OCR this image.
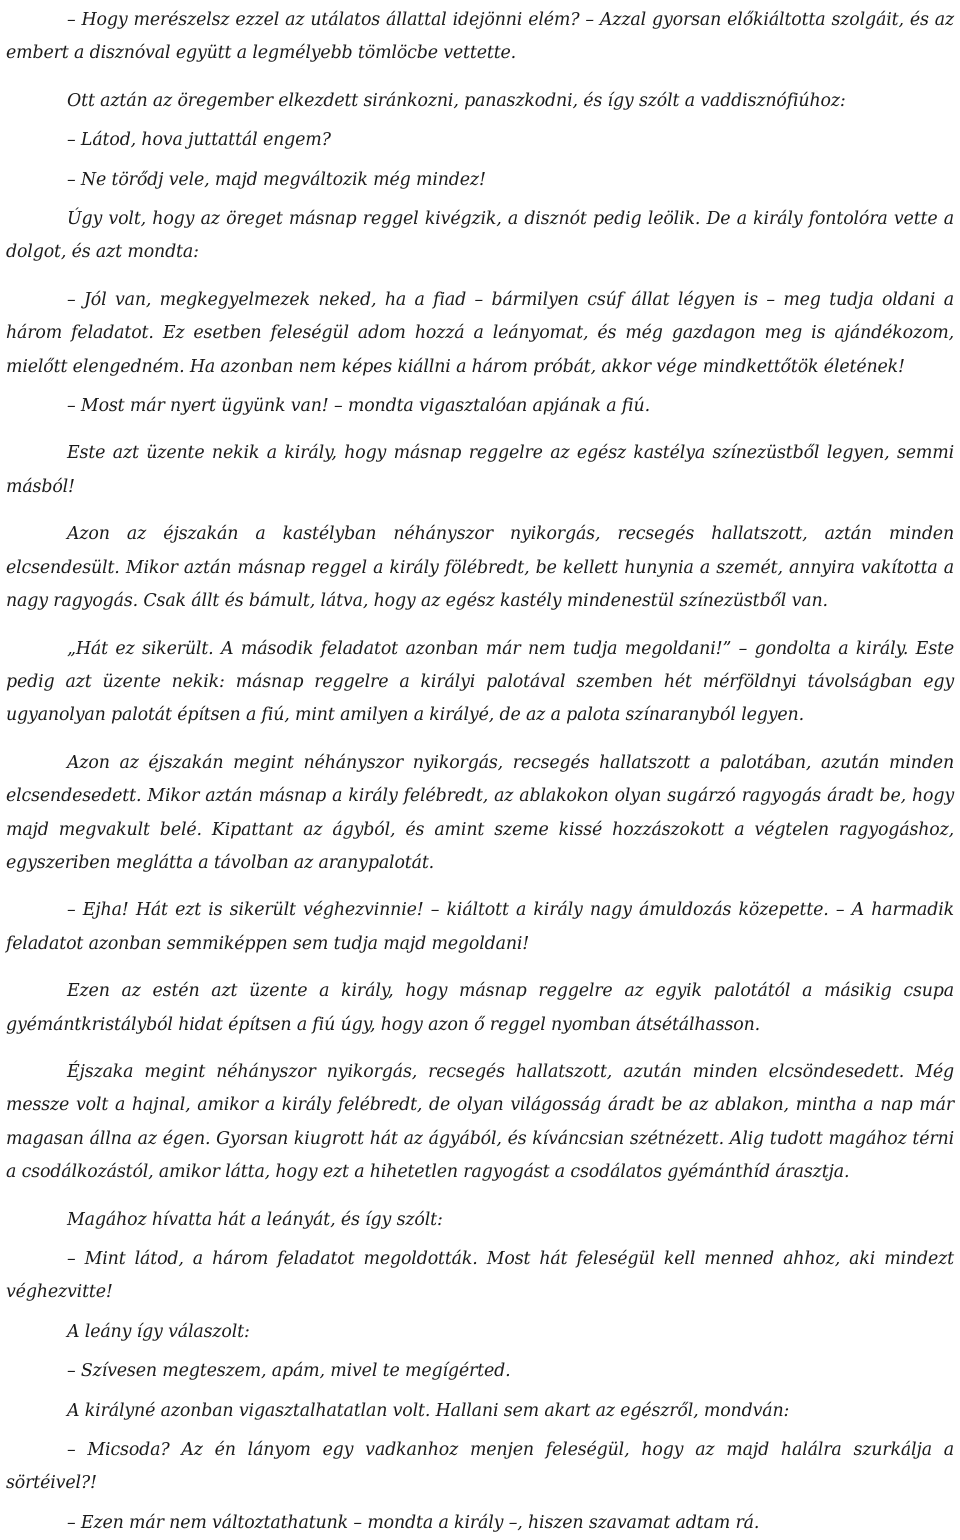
– Hogy merészelsz ezzel az utálatos állattal idejönni elém? – Azzal gyorsan előkiáltotta szolgáit, és az embert a disznóval együtt a legmélyebb tömlöcbe vettette.

Ott aztán az öregember elkezdett siránkozni, panaszkodni, és így szólt a vaddisznófiúhoz:

– Látod, hova juttattál engem?

– Ne törődj vele, majd megváltozik még mindez!

Úgy volt, hogy az öreget másnap reggel kivégzik, a disznót pedig leölik. De a király fontolóra vette a dolgot, és azt mondta:

– Jól van, megkegyelmezek neked, ha a fiad – bármilyen csúf állat légyen is – meg tudja oldani a három feladatot. Ez esetben feleségül adom hozzá a leányomat, és még gazdagon meg is ajándékozom, mielőtt elengedném. Ha azonban nem képes kiállni a három próbát, akkor vége mindkettőtök életének!

– Most már nyert ügyünk van! – mondta vigasztalóan apjának a fiú.

Este azt üzente nekik a király, hogy másnap reggelre az egész kastélya színezüstből legyen, semmi másból!

Azon az éjszakán a kastélyban néhányszor nyikorgás, recsegés hallatszott, aztán minden elcsendesült. Mikor aztán másnap reggel a király fölébredt, be kellett hunynia a szemét, annyira vakította a nagy ragyogás. Csak állt és bámult, látva, hogy az egész kastély mindenestül színezüstből van.

„Hát ez sikerült. A második feladatot azonban már nem tudja megoldani!” – gondolta a király. Este pedig azt üzente nekik: másnap reggelre a királyi palotával szemben hét mérföldnyi távolságban egy ugyanolyan palotát építsen a fiú, mint amilyen a királyé, de az a palota színaranyból legyen.

Azon az éjszakán megint néhányszor nyikorgás, recsegés hallatszott a palotában, azután minden elcsendesedett. Mikor aztán másnap a király felébredt, az ablakokon olyan sugárzó ragyogás áradt be, hogy majd megvakult belé. Kipattant az ágyból, és amint szeme kissé hozzászokott a végtelen ragyogáshoz, egyszeriben meglátta a távolban az aranypalotát.

– Ejha! Hát ezt is sikerült véghezvinnie! – kiáltott a király nagy ámuldozás közepette. – A harmadik feladatot azonban semmiképpen sem tudja majd megoldani!

Ezen az estén azt üzente a király, hogy másnap reggelre az egyik palotától a másikig csupa gyémántkristályból hidat építsen a fiú úgy, hogy azon ő reggel nyomban átsétálhasson.

Éjszaka megint néhányszor nyikorgás, recsegés hallatszott, azután minden elcsöndesedett. Még messze volt a hajnal, amikor a király felébredt, de olyan világosság áradt be az ablakon, mintha a nap már magasan állna az égen. Gyorsan kiugrott hát az ágyából, és kíváncsian szétnézett. Alig tudott magához térni a csodálkozástól, amikor látta, hogy ezt a hihetetlen ragyogást a csodálatos gyémánthíd árasztja.

Magához hívatta hát a leányát, és így szólt:

– Mint látod, a három feladatot megoldották. Most hát feleségül kell menned ahhoz, aki mindezt véghezvitte!

A leány így válaszolt:

– Szívesen megteszem, apám, mivel te megígérted.

A királyné azonban vigasztalhatatlan volt. Hallani sem akart az egészről, mondván:

– Micsoda? Az én lányom egy vadkanhoz menjen feleségül, hogy az majd halálra szurkálja a sörtéivel?!

– Ezen már nem változtathatunk – mondta a király –, hiszen szavamat adtam rá.
